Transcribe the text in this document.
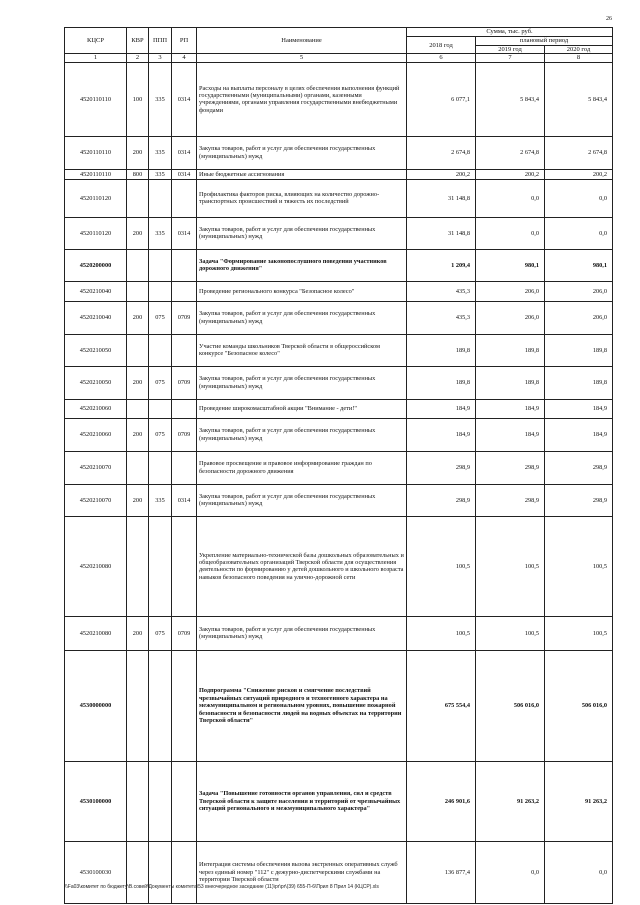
26
КЦСР	КВР	ППП	РП	Наименование	Сумма, тыс. руб.		
					2018 год	плановый период	
						2019 год	2020 год
1	2	3	4	5	6	7	8
4520110110	100	335	0314	Расходы на выплаты персоналу в целях обеспечения выполнения функций государственными (муниципальными) органами, казенными учреждениями, органами управления государственными внебюджетными фондами	6 077,1	5 843,4	5 843,4
4520110110	200	335	0314	Закупка товаров, работ и услуг для обеспечения государственных (муниципальных) нужд	2 674,8	2 674,8	2 674,8
4520110110	800	335	0314	Иные бюджетные ассигнования	200,2	200,2	200,2
4520110120				Профилактика факторов риска, влияющих на количество дорожно-транспортных происшествий и тяжесть их последствий	31 148,8	0,0	0,0
4520110120	200	335	0314	Закупка товаров, работ и услуг для обеспечения государственных (муниципальных) нужд	31 148,8	0,0	0,0
4520200000				Задача "Формирование законопослушного поведения участников дорожного движения"	1 209,4	980,1	980,1
4520210040				Проведение регионального конкурса "Безопасное колесо"	435,3	206,0	206,0
4520210040	200	075	0709	Закупка товаров, работ и услуг для обеспечения государственных (муниципальных) нужд	435,3	206,0	206,0
4520210050				Участие команды школьников Тверской области в общероссийском конкурсе "Безопасное колесо"	189,8	189,8	189,8
4520210050	200	075	0709	Закупка товаров, работ и услуг для обеспечения государственных (муниципальных) нужд	189,8	189,8	189,8
4520210060				Проведение широкомасштабной акции "Внимание - дети!"	184,9	184,9	184,9
4520210060	200	075	0709	Закупка товаров, работ и услуг для обеспечения государственных (муниципальных) нужд	184,9	184,9	184,9
4520210070				Правовое просвещение и правовое информирование граждан по безопасности дорожного движения	298,9	298,9	298,9
4520210070	200	335	0314	Закупка товаров, работ и услуг для обеспечения государственных (муниципальных) нужд	298,9	298,9	298,9
4520210080				Укрепление материально-технической базы дошкольных образовательных и общеобразовательных организаций Тверской области для осуществления деятельности по формированию у детей дошкольного и школьного возраста навыков безопасного поведения на улично-дорожной сети	100,5	100,5	100,5
4520210080	200	075	0709	Закупка товаров, работ и услуг для обеспечения государственных (муниципальных) нужд	100,5	100,5	100,5
4530000000				Подпрограмма "Снижение рисков и смягчение последствий чрезвычайных ситуаций природного и техногенного характера на межмуниципальном и региональном уровнях, повышение пожарной безопасности и безопасности людей на водных объектах на территории Тверской области"	675 554,4	506 016,0	506 016,0
4530100000				Задача "Повышение готовности органов управления, сил и средств Тверской области к защите населения и территорий от чрезвычайных ситуаций регионального и межмуниципального характера"	246 901,6	91 263,2	91 263,2
4530100030				Интеграция системы обеспечения вызова экстренных оперативных служб через единый номер "112" с дежурно-диспетчерскими службами на территории Тверской области	136 877,4	0,0	0,0
\\Fa03\комитет по бюджету\В.совей\Документы комитета\53 внеочередное заседание (11)\pr\pr\(39) 655-П-6\Прил 8 Прил 14 (КЦСР).xls
